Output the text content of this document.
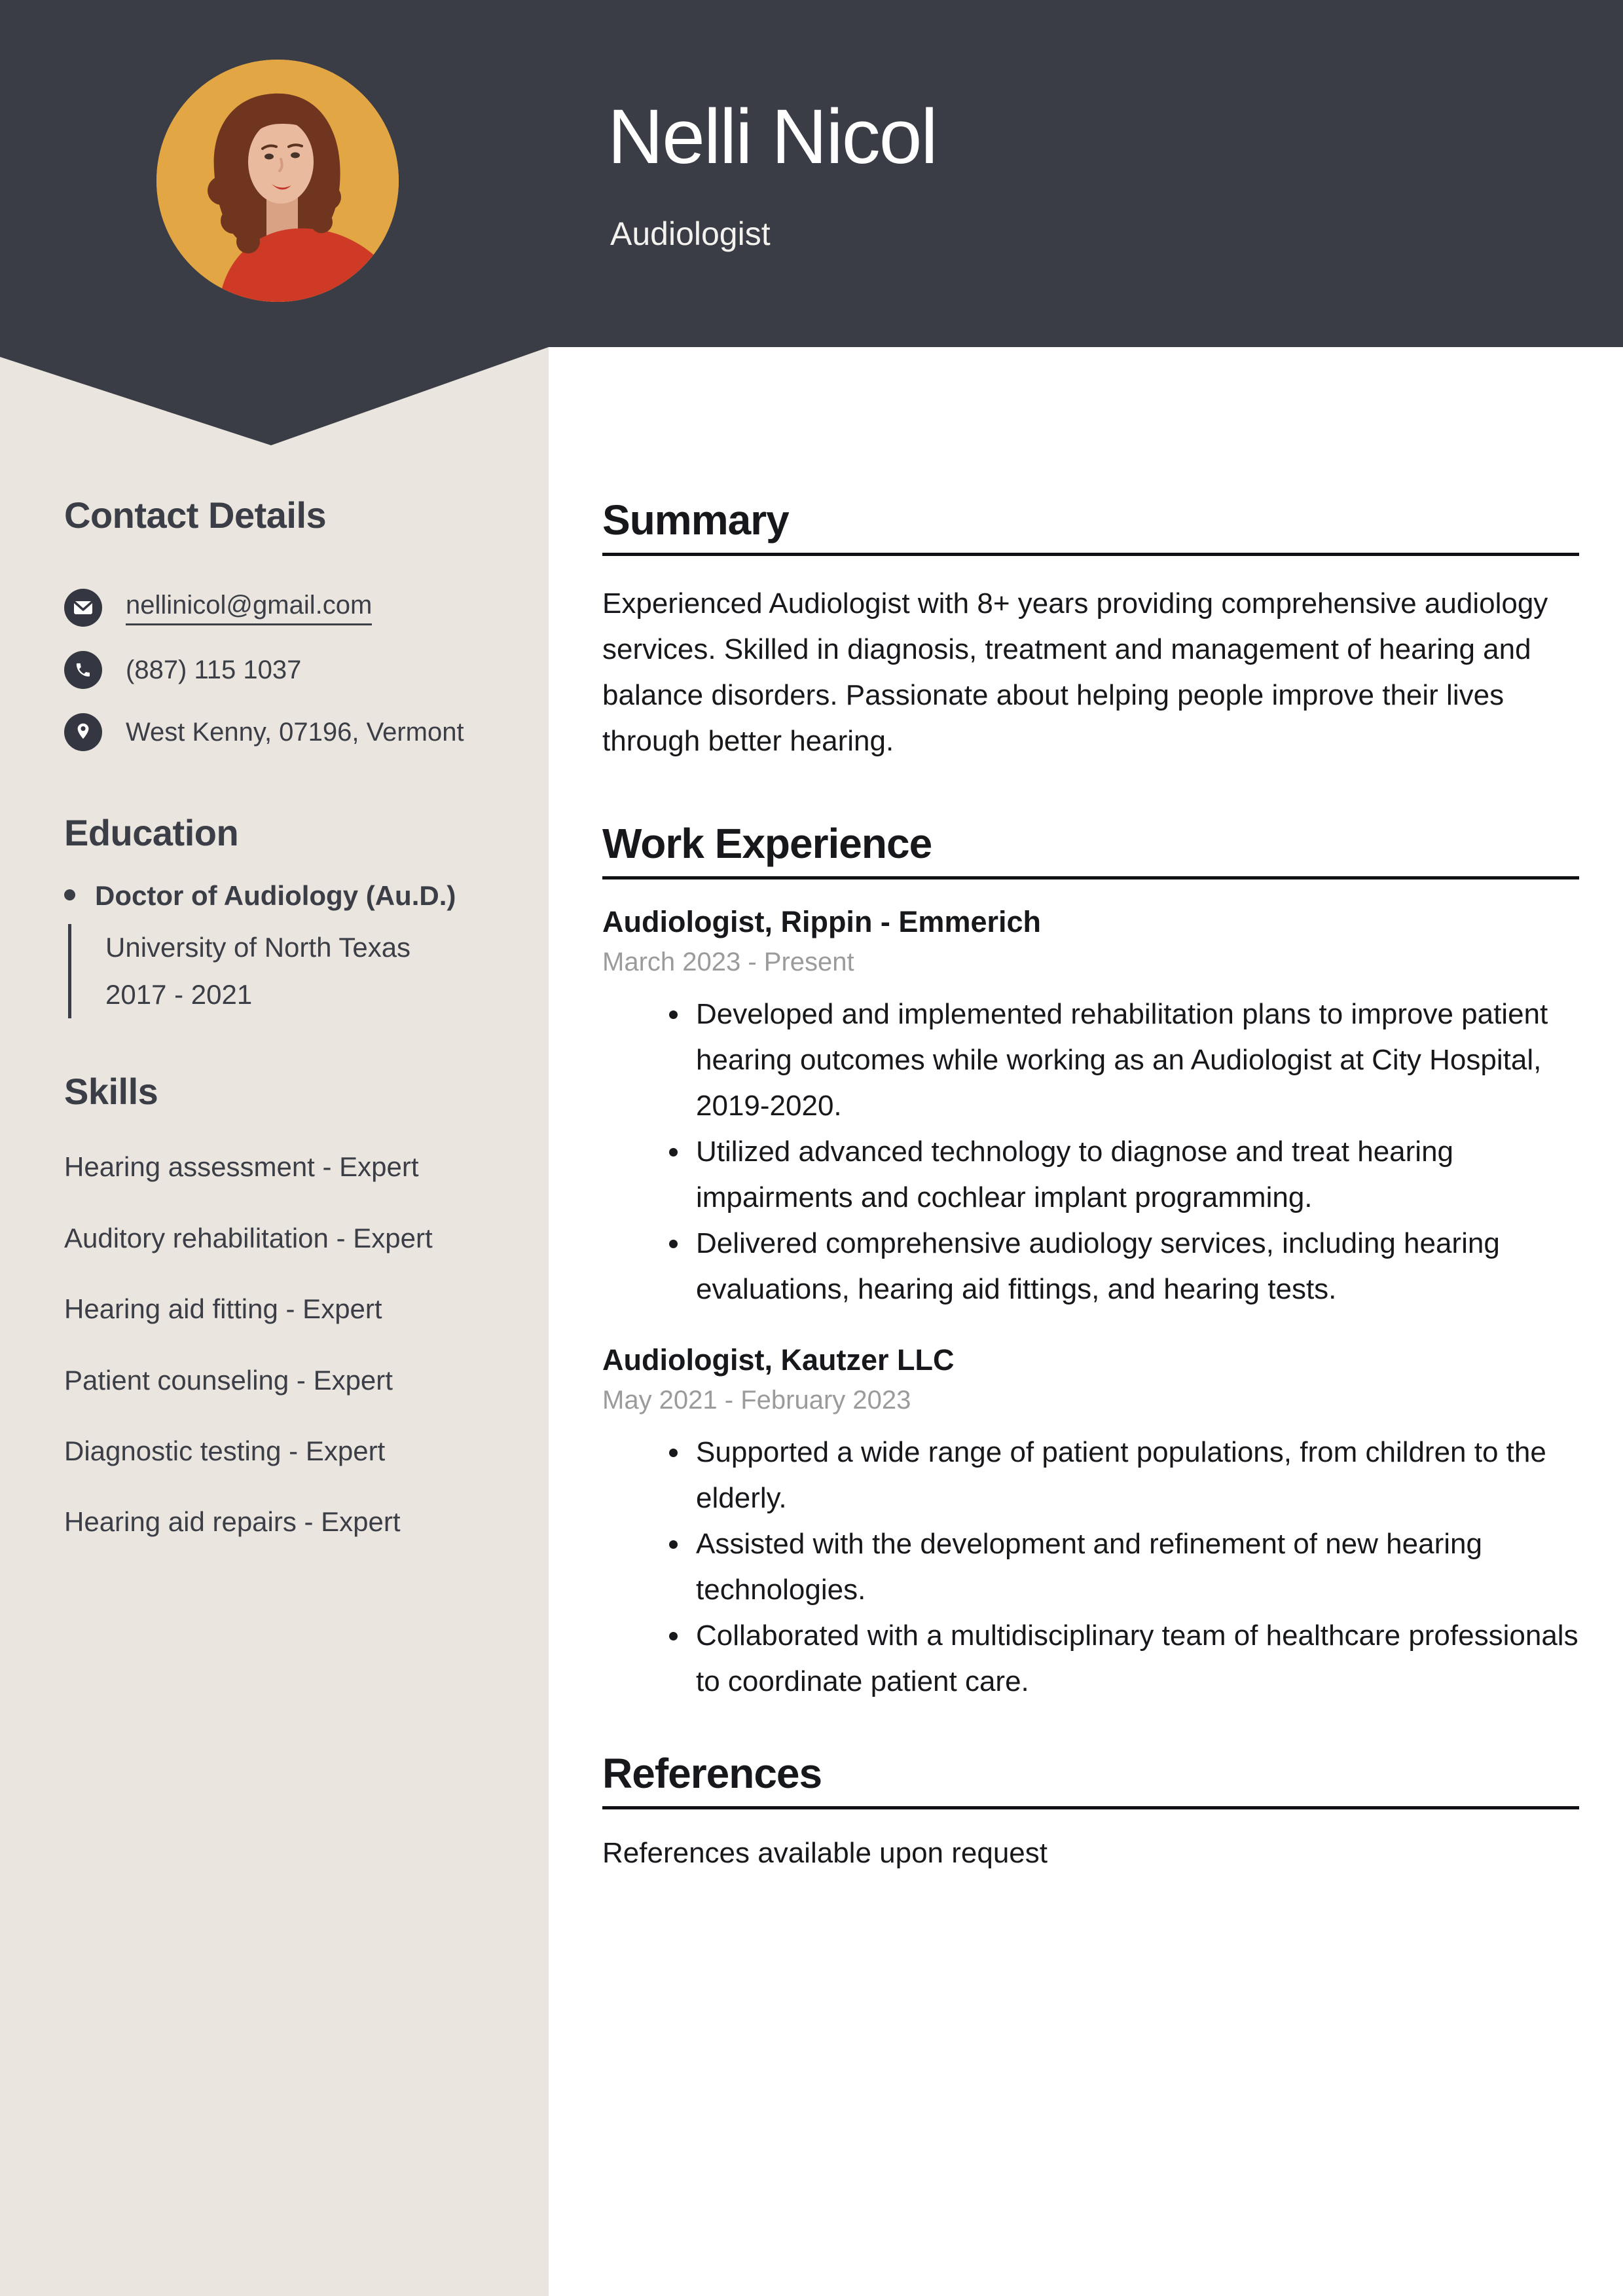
Nelli Nicol
Audiologist
Contact Details
nellinicol@gmail.com
(887) 115 1037
West Kenny, 07196, Vermont
Education
Doctor of Audiology (Au.D.)
University of North Texas
2017 - 2021
Skills
Hearing assessment - Expert
Auditory rehabilitation - Expert
Hearing aid fitting - Expert
Patient counseling - Expert
Diagnostic testing - Expert
Hearing aid repairs - Expert
Summary

Experienced Audiologist with 8+ years providing comprehensive audiology services. Skilled in diagnosis, treatment and management of hearing and balance disorders. Passionate about helping people improve their lives through better hearing.

Work Experience
Audiologist, Rippin - Emmerich
March 2023 - Present
• Developed and implemented rehabilitation plans to improve patient hearing outcomes while working as an Audiologist at City Hospital, 2019-2020.
• Utilized advanced technology to diagnose and treat hearing impairments and cochlear implant programming.
• Delivered comprehensive audiology services, including hearing evaluations, hearing aid fittings, and hearing tests.
Audiologist, Kautzer LLC
May 2021 - February 2023
• Supported a wide range of patient populations, from children to the elderly.
• Assisted with the development and refinement of new hearing technologies.
• Collaborated with a multidisciplinary team of healthcare professionals to coordinate patient care.
References

References available upon request
